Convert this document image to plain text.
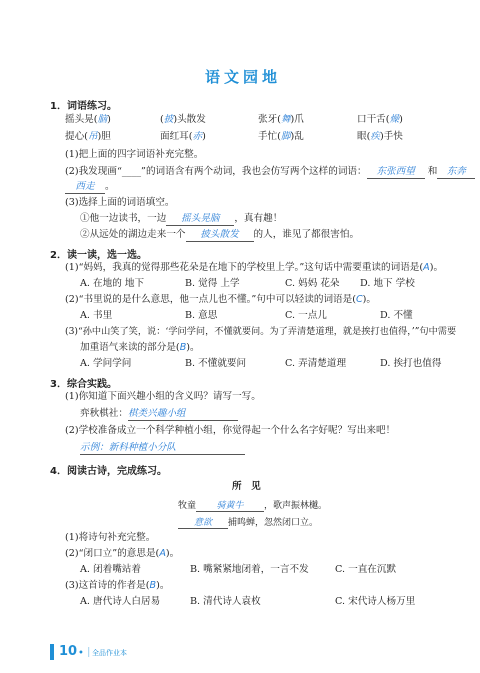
语文园地
1．词语练习。
摇头晃(脑)	(披)头散发	张牙(舞)爪	口干舌(燥)
提心(吊)胆	面红耳(赤)	手忙(脚)乱	眼(疾)手快
(1)把上面的四字词语补充完整。
(2)我发现画“____”的词语含有两个动词，我也会仿写两个这样的词语： 东张西望 和 东奔
西走 。
(3)选择上面的词语填空。
①他一边读书，一边 摇头晃脑 ，真有趣！
②从远处的湖边走来一个 披头散发 的人，谁见了都很害怕。
2．读一读，选一选。
(1)“妈妈，我真的觉得那些花朵是在地下的学校里上学。”这句话中需要重读的词语是(A)。
A. 在地的 地下	B. 觉得 上学	C. 妈妈 花朵 D. 地下 学校
(2)“书里说的是什么意思，他一点儿也不懂。”句中可以轻读的词语是(C)。
A. 书里	B. 意思	C. 一点儿	D. 不懂
(3)“孙中山笑了笑，说：‘学问学问，不懂就要问。为了弄清楚道理，就是挨打也值得，’”句中需要
加重语气来读的部分是(B)。
A. 学问学问	B. 不懂就要问	C. 弄清楚道理	D. 挨打也值得
3．综合实践。
(1)你知道下面兴趣小组的含义吗？请写一写。
弈秋棋社：棋类兴趣小组
(2)学校准备成立一个科学种植小组，你觉得起一个什么名字好呢？写出来吧！
示例：新科种植小分队
4．阅读古诗，完成练习。
所　见
牧童 骑黄牛 ，歌声振林樾。
意欲 捕鸣蝉，忽然闭口立。
(1)将诗句补充完整。
(2)“闭口立”的意思是(A)。
A. 闭着嘴站着	B. 嘴紧紧地闭着，一言不发	C. 一直在沉默
(3)这首诗的作者是(B)。
A. 唐代诗人白居易	B. 清代诗人袁枚	C. 宋代诗人杨万里
10 •｜
全品作业本
